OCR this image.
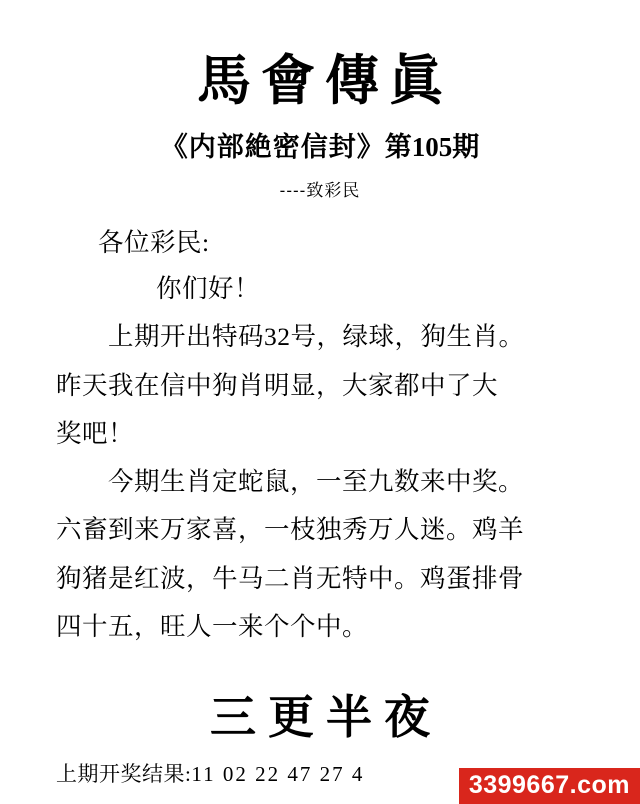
馬會傳眞
《内部絶密信封》第105期
----致彩民
各位彩民:
你们好！
上期开出特码32号，绿球，狗生肖。
昨天我在信中狗肖明显，大家都中了大
奖吧！
今期生肖定蛇鼠，一至九数来中奖。
六畜到来万家喜，一枝独秀万人迷。鸡羊
狗猪是红波，牛马二肖无特中。鸡蛋排骨
四十五，旺人一来个个中。
三更半夜
上期开奖结果:11 02 22 47 27 4	3399667.com
